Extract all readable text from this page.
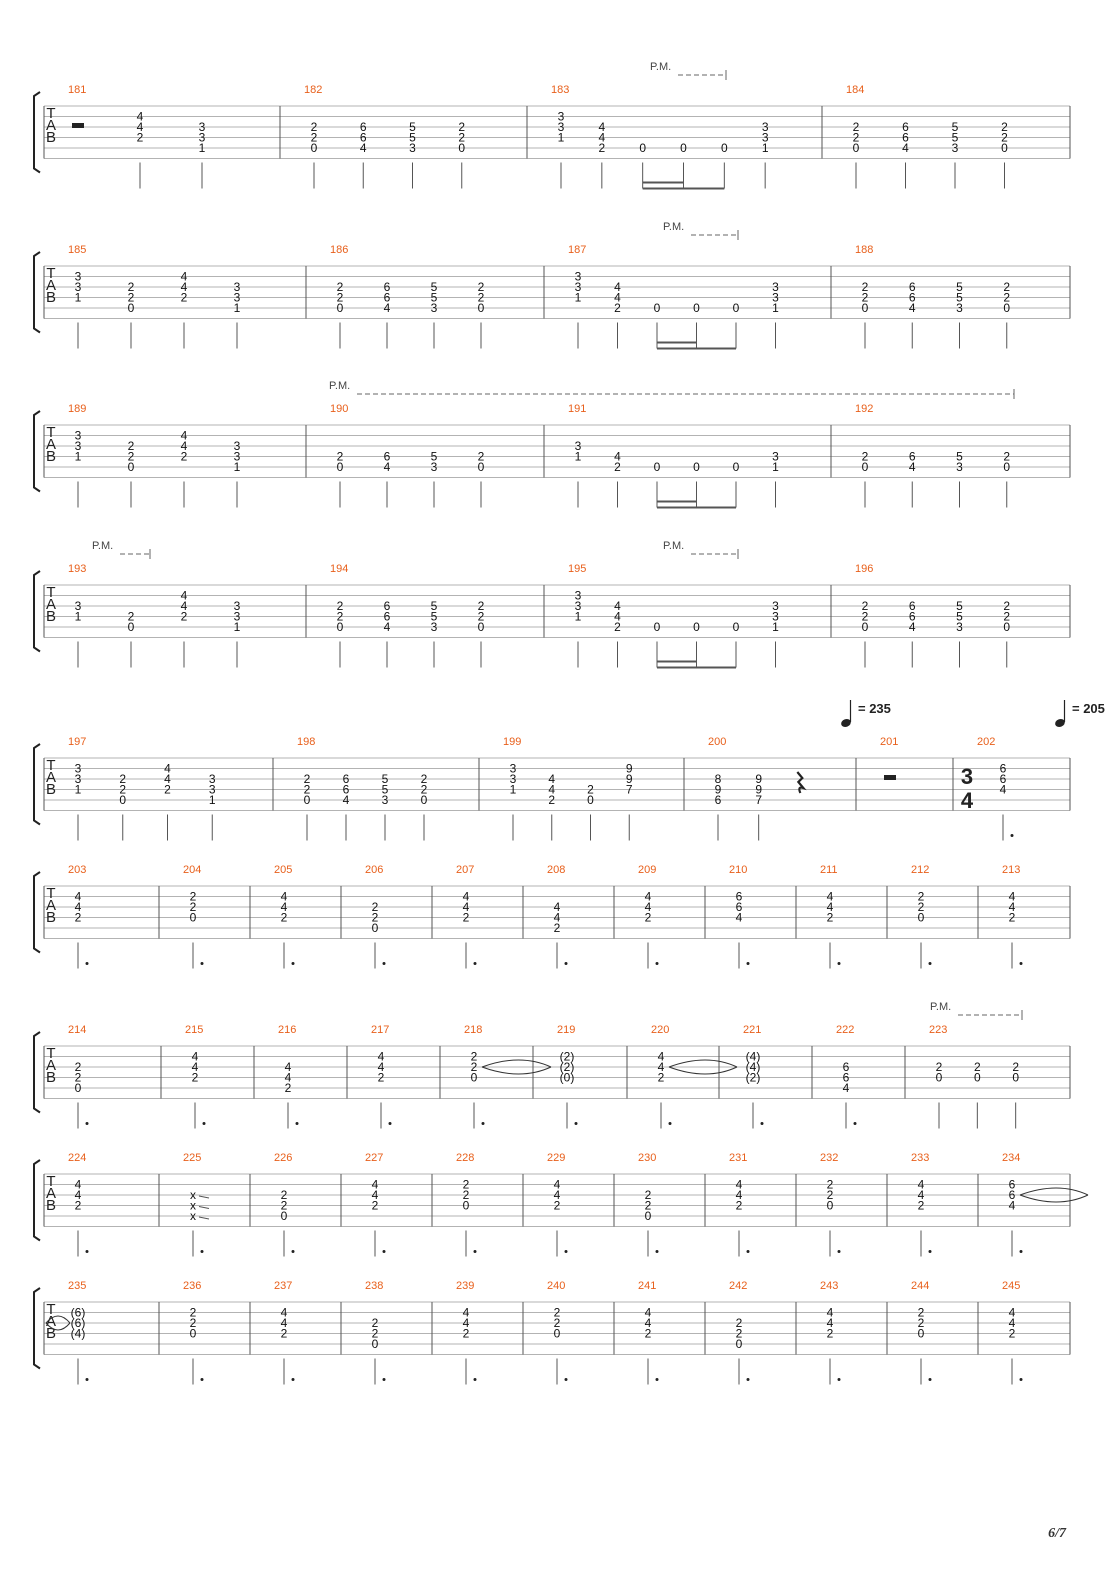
T
A
B
P.M.
181
4
4
2
3
3
1
182
2
2
0
6
6
4
5
5
3
2
2
0
183
3
3
1
4
4
2	0	0	0
3
3
1
184
2
2
0
6
6
4
5
5
3
2
2
0
T
A
B
P.M.
185
3
3
1
2
2
0
4
4
2
3
3
1
186
2
2
0
6
6
4
5
5
3
2
2
0
187
3
3
1
4
4
2	0	0	0
3
3
1
188
2
2
0
6
6
4
5
5
3
2
2
0
T
A
B
P.M.
189
3
3
1
2
2
0
4
4
2
3
3
1
190
2
0
6
4
5
3
2
0
191
3
1	4
2	0	0	0
3
1
192
2
0
6
4
5
3
2
0
T
A
B
P.M.	P.M.
193
3
1	2
0
4
4
2
3
3
1
194
2
2
0
6
6
4
5
5
3
2
2
0
195
3
3
1
4
4
2	0	0	0
3
3
1
196
2
2
0
6
6
4
5
5
3
2
2
0
T
A
B
197
3
3
1
2
2
0
4
4
2
3
3
1
198
2
2
0
6
6
4
5
5
3
2
2
0
199
3
3
1
4
4
2
2
0
9
9
7
200
= 235
8
9
6
9
9
7
201	202
3
4
= 205
6
6
4
T
A
B
203
4
4
2
204
2
2
0
205
4
4
2
206
2
2
0
207
4
4
2
208
4
4
2
209
4
4
2
210
6
6
4
211
4
4
2
212
2
2
0
213
4
4
2
T
A
B
P.M.
214
2
2
0
215
4
4
2
216
4
4
2
217
4
4
2
218
2
2
0
219
(2)
(2)
(0)
220
4
4
2
221
(4)
(4)
(2)
222
6
6
4
223
2
0
2
0
2
0
T
A
B
224
4
4
2
225
x
x
x
226
2
2
0
227
4
4
2
228
2
2
0
229
4
4
2
230
2
2
0
231
4
4
2
232
2
2
0
233
4
4
2
234
6
6
4
T
A
B
235
(6)
(6)
(4)
236
2
2
0
237
4
4
2
238
2
2
0
239
4
4
2
240
2
2
0
241
4
4
2
242
2
2
0
243
4
4
2
244
2
2
0
245
4
4
2
6/7
